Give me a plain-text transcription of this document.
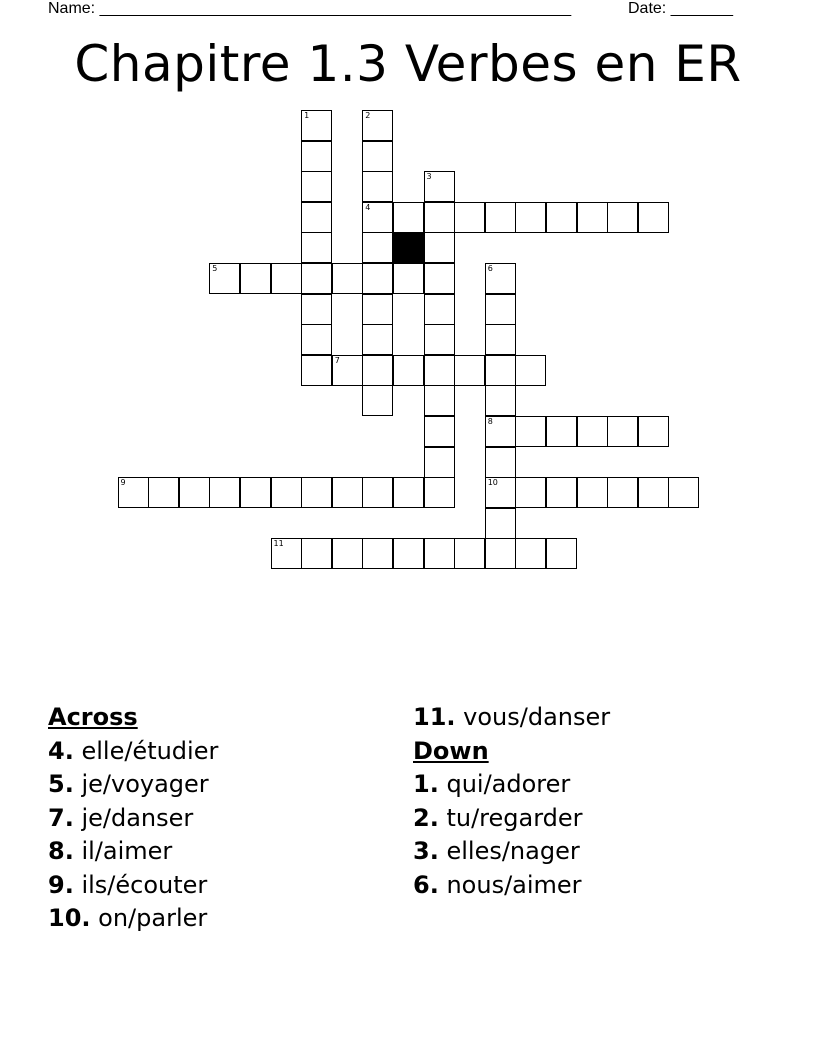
Name: _____________________________________________________	Date: _______
Chapitre 1.3 Verbes en ER
4
5
7
8
9	10
11
1	2
3
6
Across
4. elle/étudier
5. je/voyager
7. je/danser
8. il/aimer
9. ils/écouter
10. on/parler
11. vous/danser
Down
1. qui/adorer
2. tu/regarder
3. elles/nager
6. nous/aimer
